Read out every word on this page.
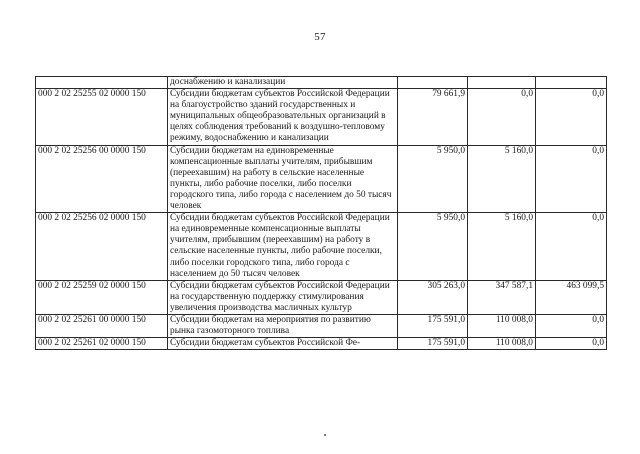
57
	доснабжению и канализации			
000 2 02 25255 02 0000 150	Субсидии бюджетам субъектов Российской Федерации на благоустройство зданий государственных и муниципальных общеобразовательных организаций в целях соблюдения требований к воздушно-тепловому режиму, водоснабжению и канализации	79 661,9	0,0	0,0
000 2 02 25256 00 0000 150	Субсидии бюджетам на единовременные компенсационные выплаты учителям, прибывшим (переехавшим) на работу в сельские населенные пункты, либо рабочие поселки, либо поселки городского типа, либо города с населением до 50 тысяч человек	5 950,0	5 160,0	0,0
000 2 02 25256 02 0000 150	Субсидии бюджетам субъектов Российской Федерации на единовременные компенсационные выплаты учителям, прибывшим (переехавшим) на работу в сельские населенные пункты, либо рабочие поселки, либо поселки городского типа, либо города с населением до 50 тысяч человек	5 950,0	5 160,0	0,0
000 2 02 25259 02 0000 150	Субсидии бюджетам субъектов Российской Федерации на государственную поддержку стимулирования увеличения производства масличных культур	305 263,0	347 587,1	463 099,5
000 2 02 25261 00 0000 150	Субсидии бюджетам на мероприятия по развитию рынка газомоторного топлива	175 591,0	110 008,0	0,0
000 2 02 25261 02 0000 150	Субсидии бюджетам субъектов Российской Фе-	175 591,0	110 008,0	0,0
